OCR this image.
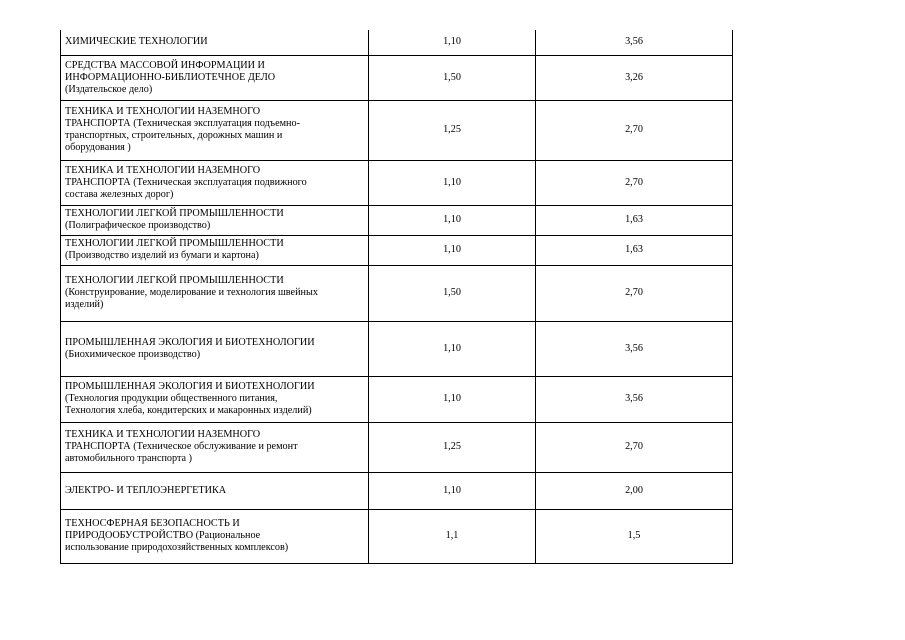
ХИМИЧЕСКИЕ ТЕХНОЛОГИИ	1,10	3,56

СРЕДСТВА МАССОВОЙ ИНФОРМАЦИИ И
ИНФОРМАЦИОННО-БИБЛИОТЕЧНОЕ ДЕЛО
(Издательское дело)	1,50	3,26

ТЕХНИКА И ТЕХНОЛОГИИ НАЗЕМНОГО
ТРАНСПОРТА (Техническая эксплуатация подъемно-
транспортных, строительных, дорожных машин и
оборудования )	1,25	2,70

ТЕХНИКА И ТЕХНОЛОГИИ НАЗЕМНОГО
ТРАНСПОРТА (Техническая эксплуатация подвижного
состава железных дорог)	1,10	2,70

ТЕХНОЛОГИИ ЛЕГКОЙ ПРОМЫШЛЕННОСТИ
(Полиграфическое производство)	1,10	1,63

ТЕХНОЛОГИИ ЛЕГКОЙ ПРОМЫШЛЕННОСТИ
(Производство изделий из бумаги и картона)	1,10	1,63

ТЕХНОЛОГИИ ЛЕГКОЙ ПРОМЫШЛЕННОСТИ
(Конструирование, моделирование и технология швейных
изделий)	1,50	2,70

ПРОМЫШЛЕННАЯ ЭКОЛОГИЯ И БИОТЕХНОЛОГИИ
(Биохимическое производство)	1,10	3,56

ПРОМЫШЛЕННАЯ ЭКОЛОГИЯ И БИОТЕХНОЛОГИИ
(Технология продукции общественного питания,
Технология хлеба, кондитерских и макаронных изделий)	1,10	3,56

ТЕХНИКА И ТЕХНОЛОГИИ НАЗЕМНОГО
ТРАНСПОРТА (Техническое обслуживание и ремонт
автомобильного транспорта )	1,25	2,70
ЭЛЕКТРО- И ТЕПЛОЭНЕРГЕТИКА	1,10	2,00

ТЕХНОСФЕРНАЯ БЕЗОПАСНОСТЬ И
ПРИРОДООБУСТРОЙСТВО (Рациональное
использование природохозяйственных комплексов)	1,1	1,5
